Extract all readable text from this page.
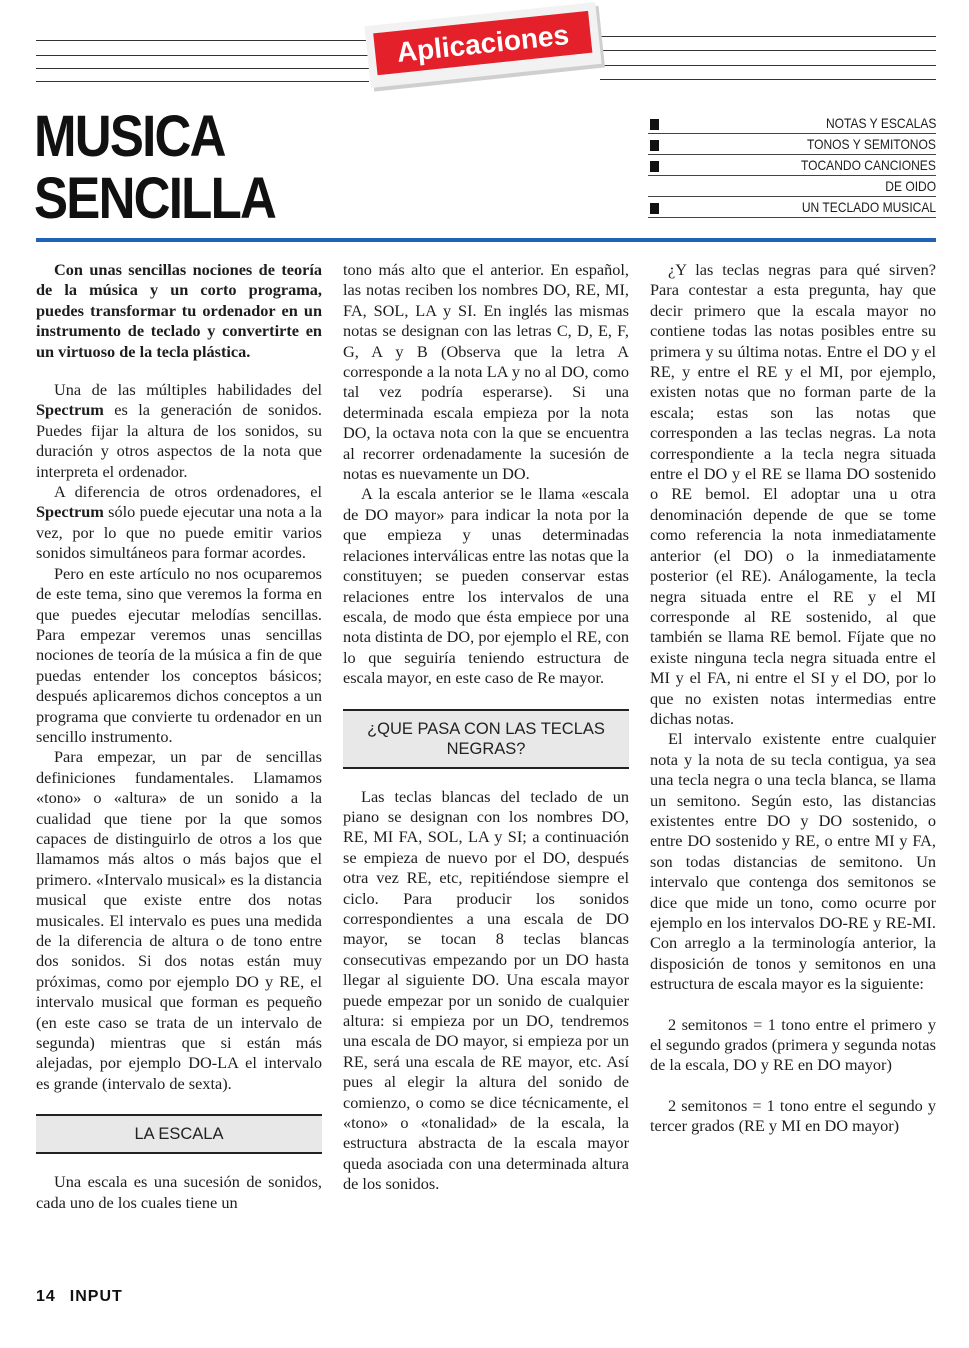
Aplicaciones
MUSICA
SENCILLA
NOTAS Y ESCALAS
TONOS Y SEMITONOS
TOCANDO CANCIONES
DE OIDO
UN TECLADO MUSICAL

Con unas sencillas nociones de teoría de la música y un corto programa, puedes transformar tu ordenador en un instrumento de teclado y convertirte en un virtuoso de la tecla plástica.

Una de las múltiples habilidades del Spectrum es la generación de sonidos. Puedes fijar la altura de los sonidos, su duración y otros aspectos de la nota que interpreta el ordenador.

A diferencia de otros ordenadores, el Spectrum sólo puede ejecutar una nota a la vez, por lo que no puede emitir varios sonidos simultáneos para formar acordes.

Pero en este artículo no nos ocuparemos de este tema, sino que veremos la forma en que puedes ejecutar melodías sencillas. Para empezar veremos unas sencillas nociones de teoría de la música a fin de que puedas entender los conceptos básicos; después aplicaremos dichos conceptos a un programa que convierte tu ordenador en un sencillo instrumento.

Para empezar, un par de sencillas definiciones fundamentales. Llamamos «tono» o «altura» de un sonido a la cualidad que tiene por la que somos capaces de distinguirlo de otros a los que llamamos más altos o más bajos que el primero. «Intervalo musical» es la distancia musical que existe entre dos notas musicales. El intervalo es pues una medida de la diferencia de altura o de tono entre dos sonidos. Si dos notas están muy próximas, como por ejemplo DO y RE, el intervalo musical que forman es pequeño (en este caso se trata de un intervalo de segunda) mientras que si están más alejadas, por ejemplo DO-LA el intervalo es grande (intervalo de sexta).

LA ESCALA

Una escala es una sucesión de sonidos, cada uno de los cuales tiene un

tono más alto que el anterior. En español, las notas reciben los nombres DO, RE, MI, FA, SOL, LA y SI. En inglés las mismas notas se designan con las letras C, D, E, F, G, A y B (Observa que la letra A corresponde a la nota LA y no al DO, como tal vez podría esperarse). Si una determinada escala empieza por la nota DO, la octava nota con la que se encuentra al recorrer ordenadamente la sucesión de notas es nuevamente un DO.

A la escala anterior se le llama «escala de DO mayor» para indicar la nota por la que empieza y unas determinadas relaciones interválicas entre las notas que la constituyen; se pueden conservar estas relaciones entre los intervalos de una escala, de modo que ésta empiece por una nota distinta de DO, por ejemplo el RE, con lo que seguiría teniendo estructura de escala mayor, en este caso de Re mayor.

¿QUE PASA CON LAS TECLAS NEGRAS?

Las teclas blancas del teclado de un piano se designan con los nombres DO, RE, MI FA, SOL, LA y SI; a continuación se empieza de nuevo por el DO, después otra vez RE, etc, repitiéndose siempre el ciclo. Para producir los sonidos correspondientes a una escala de DO mayor, se tocan 8 teclas blancas consecutivas empezando por un DO hasta llegar al siguiente DO. Una escala mayor puede empezar por un sonido de cualquier altura: si empieza por un DO, tendremos una escala de DO mayor, si empieza por un RE, será una escala de RE mayor, etc. Así pues al elegir la altura del sonido de comienzo, o como se dice técnicamente, el «tono» o «tonalidad» de la escala, la estructura abstracta de la escala mayor queda asociada con una determinada altura de los sonidos.

¿Y las teclas negras para qué sirven? Para contestar a esta pregunta, hay que decir primero que la escala mayor no contiene todas las notas posibles entre su primera y su última notas. Entre el DO y el RE, y entre el RE y el MI, por ejemplo, existen notas que no forman parte de la escala; estas son las notas que corresponden a las teclas negras. La nota correspondiente a la tecla negra situada entre el DO y el RE se llama DO sostenido o RE bemol. El adoptar una u otra denominación depende de que se tome como referencia la nota inmediatamente anterior (el DO) o la inmediatamente posterior (el RE). Análogamente, la tecla negra situada entre el RE y el MI corresponde al RE sostenido, al que también se llama RE bemol. Fíjate que no existe ninguna tecla negra situada entre el MI y el FA, ni entre el SI y el DO, por lo que no existen notas intermedias entre dichas notas.

El intervalo existente entre cualquier nota y la nota de su tecla contigua, ya sea una tecla negra o una tecla blanca, se llama un semitono. Según esto, las distancias existentes entre DO y DO sostenido, o entre DO sostenido y RE, o entre MI y FA, son todas distancias de semitono. Un intervalo que contenga dos semitonos se dice que mide un tono, como ocurre por ejemplo en los intervalos DO-RE y RE-MI. Con arreglo a la terminología anterior, la disposición de tonos y semitonos en una estructura de escala mayor es la siguiente:

2 semitonos = 1 tono entre el primero y el segundo grados (primera y segunda notas de la escala, DO y RE en DO mayor)

2 semitonos = 1 tono entre el segundo y tercer grados (RE y MI en DO mayor)

14 INPUT
